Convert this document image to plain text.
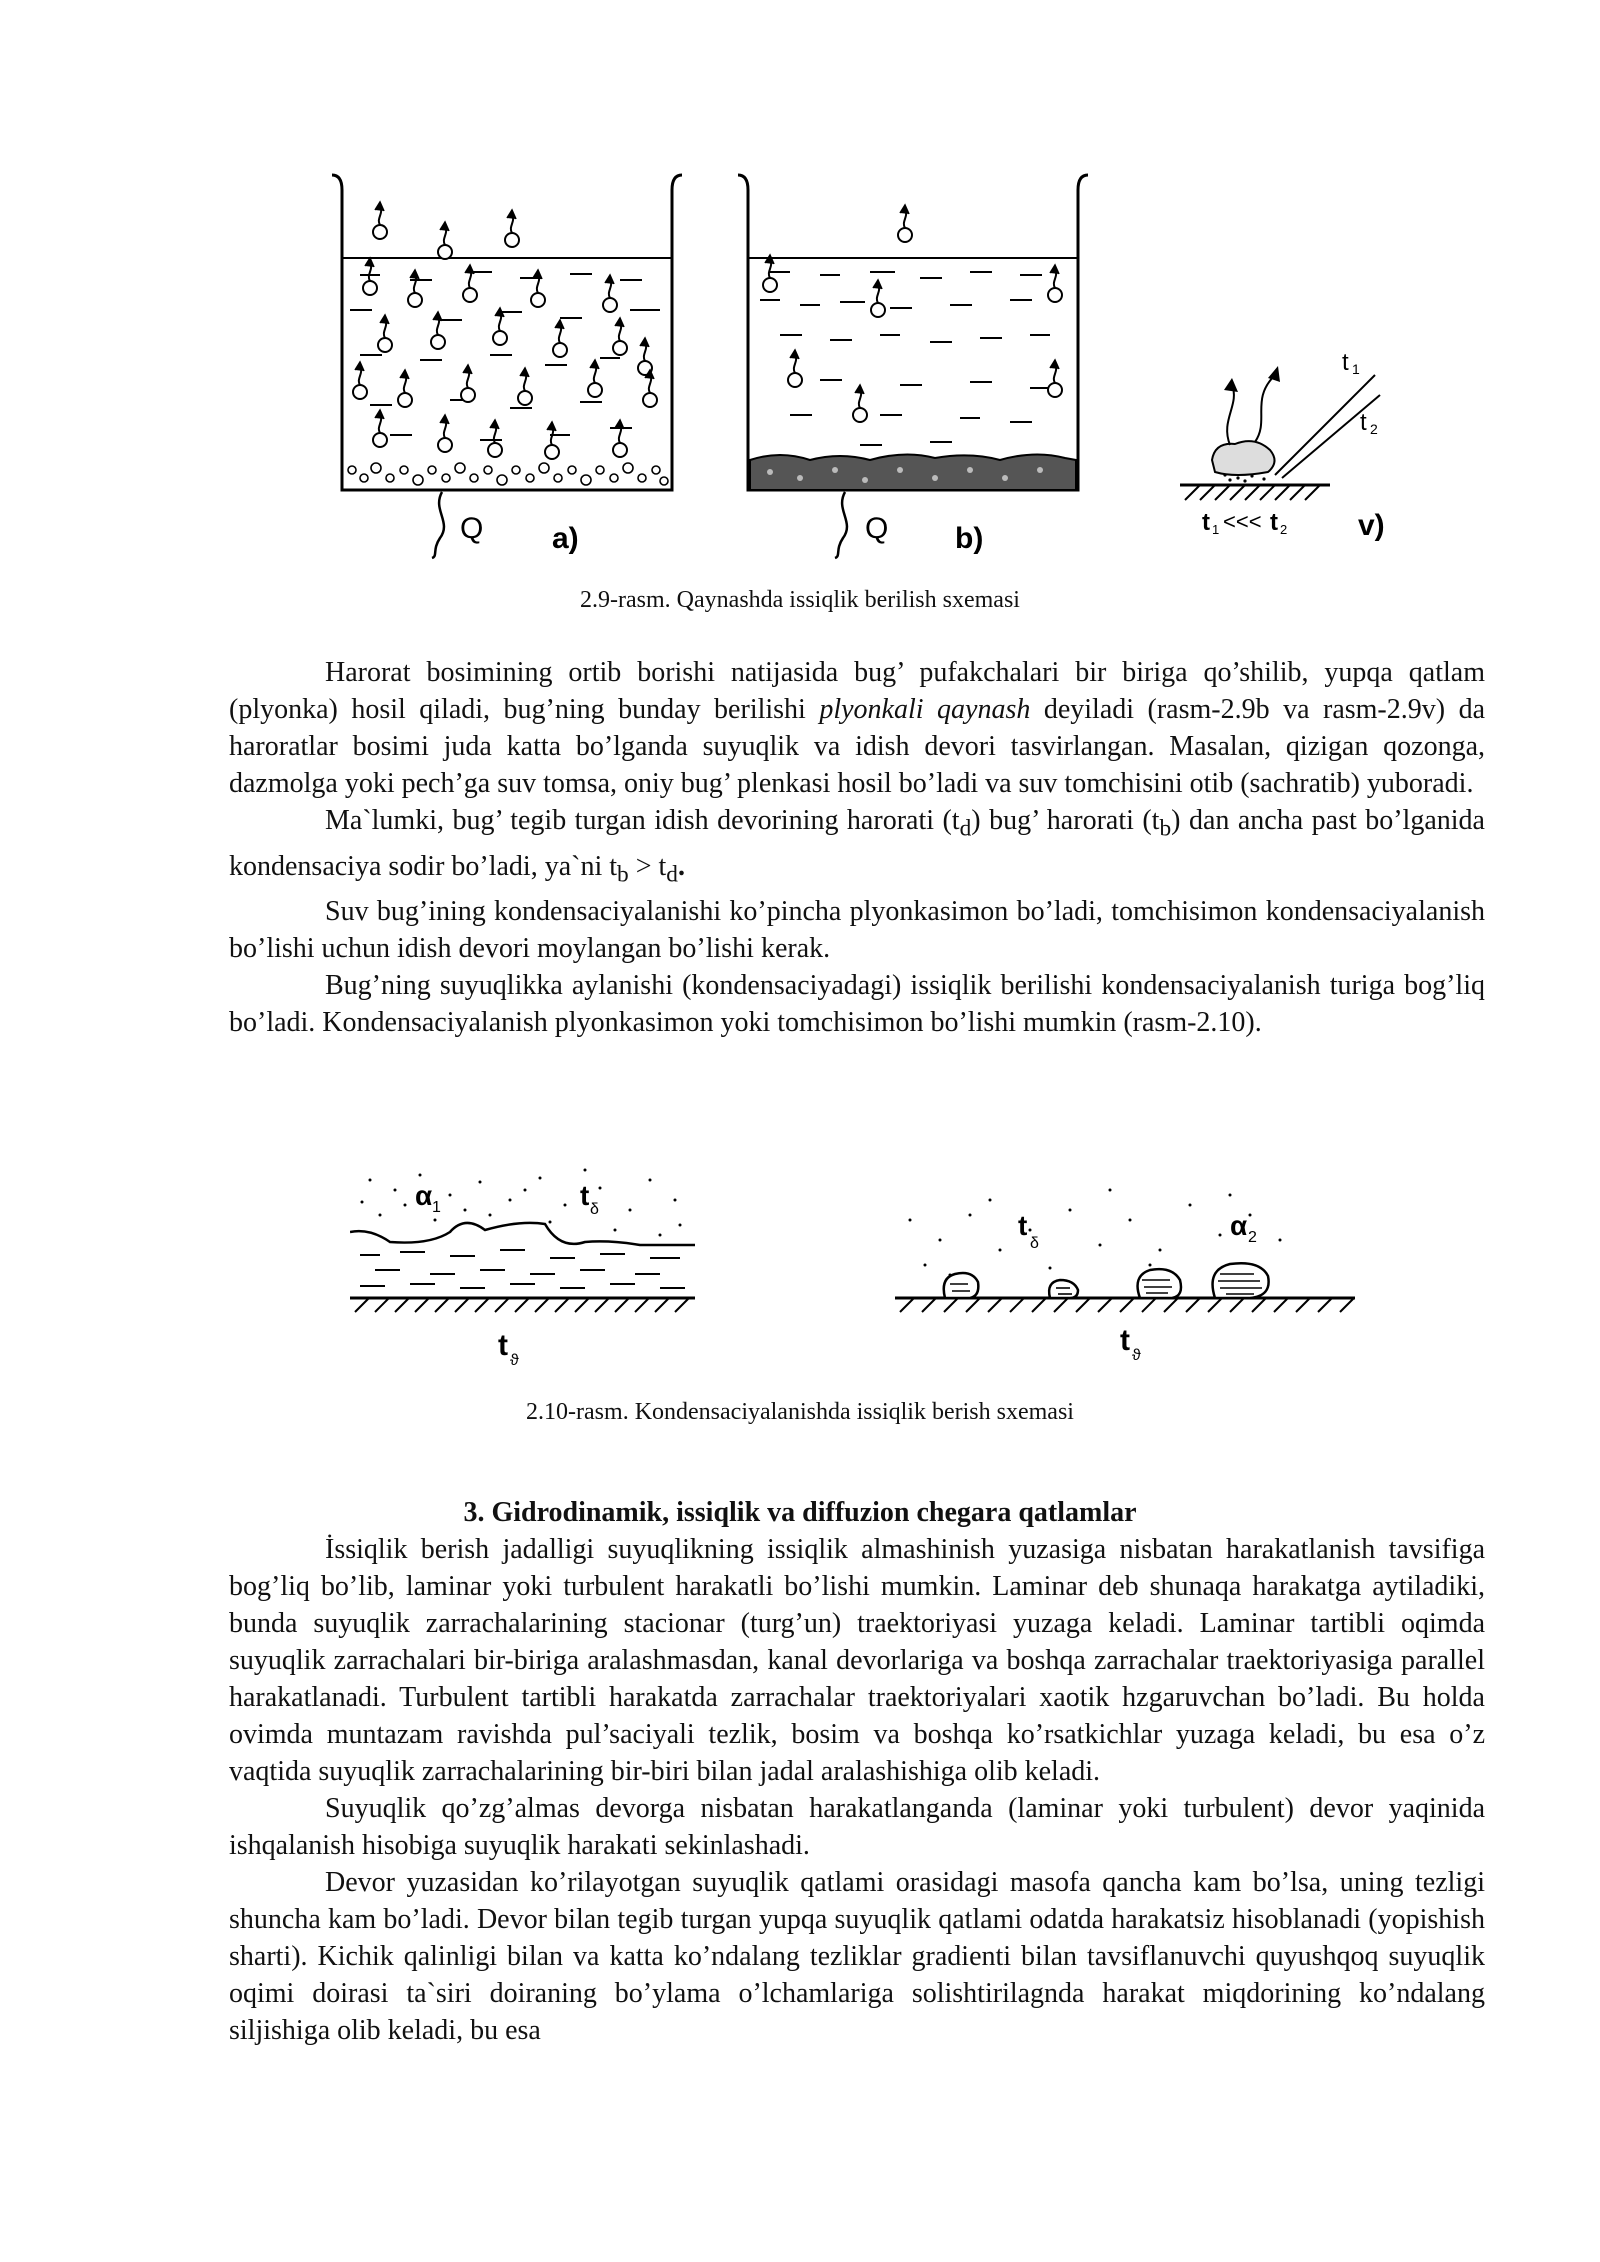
Q a)	Q b)
t 1
t 2
t 1 <<< t 2 v)
2.9-rasm. Qaynashda issiqlik berilish sxemasi

Harorat bosimining ortib borishi natijasida bug’ pufakchalari bir biriga qo’shilib, yupqa qatlam (plyonka) hosil qiladi, bug’ning bunday berilishi plyonkali qaynash deyiladi (rasm-2.9b va rasm-2.9v) da haroratlar bosimi juda katta bo’lganda suyuqlik va idish devori tasvirlangan. Masalan, qizigan qozonga, dazmolga yoki pech’ga suv tomsa, oniy bug’ plenkasi hosil bo’ladi va suv tomchisini otib (sachratib) yuboradi.

Ma`lumki, bug’ tegib turgan idish devorining harorati $(t_d)$ bug’ harorati $(t_b)$ dan ancha past bo’lganida kondensaciya sodir bo’ladi, ya`ni $t_b > t_d$.

Suv bug’ining kondensaciyalanishi ko’pincha plyonkasimon bo’ladi, tomchisimon kondensaciyalanish bo’lishi uchun idish devori moylangan bo’lishi kerak.

Bug’ning suyuqlikka aylanishi (kondensaciyadagi) issiqlik berilishi kondensaciyalanish turiga bog’liq bo’ladi. Kondensaciyalanish plyonkasimon yoki tomchisimon bo’lishi mumkin (rasm-2.10).

α 1	t δ
t ϑ
t
δ
α 2
t ϑ
2.10-rasm. Kondensaciyalanishda issiqlik berish sxemasi
3. Gidrodinamik, issiqlik va diffuzion chegara qatlamlar

İssiqlik berish jadalligi suyuqlikning issiqlik almashinish yuzasiga nisbatan harakatlanish tavsifiga bog’liq bo’lib, laminar yoki turbulent harakatli bo’lishi mumkin. Laminar deb shunaqa harakatga aytiladiki, bunda suyuqlik zarrachalarining stacionar (turg’un) traektoriyasi yuzaga keladi. Laminar tartibli oqimda suyuqlik zarrachalari bir-biriga aralashmasdan, kanal devorlariga va boshqa zarrachalar traektoriyasiga parallel harakatlanadi. Turbulent tartibli harakatda zarrachalar traektoriyalari xaotik hzgaruvchan bo’ladi. Bu holda ovimda muntazam ravishda pul’saciyali tezlik, bosim va boshqa ko’rsatkichlar yuzaga keladi, bu esa o’z vaqtida suyuqlik zarrachalarining bir-biri bilan jadal aralashishiga olib keladi.

Suyuqlik qo’zg’almas devorga nisbatan harakatlanganda (laminar yoki turbulent) devor yaqinida ishqalanish hisobiga suyuqlik harakati sekinlashadi.

Devor yuzasidan ko’rilayotgan suyuqlik qatlami orasidagi masofa qancha kam bo’lsa, uning tezligi shuncha kam bo’ladi. Devor bilan tegib turgan yupqa suyuqlik qatlami odatda harakatsiz hisoblanadi (yopishish sharti). Kichik qalinligi bilan va katta ko’ndalang tezliklar gradienti bilan tavsiflanuvchi quyushqoq suyuqlik oqimi doirasi ta`siri doiraning bo’ylama o’lchamlariga solishtirilagnda harakat miqdorining ko’ndalang siljishiga olib keladi, bu esa
